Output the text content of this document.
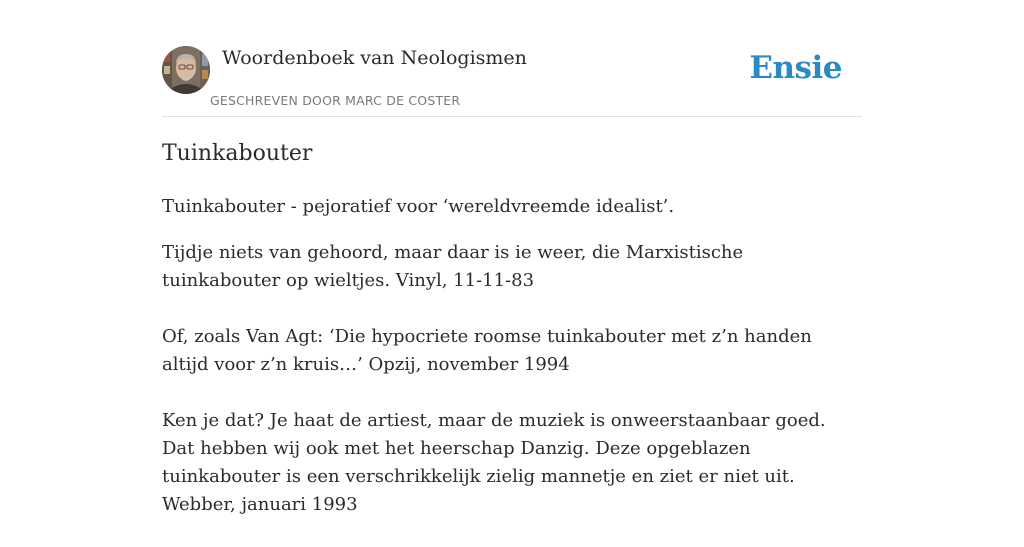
Woordenboek van Neologismen
GESCHREVEN DOOR MARC DE COSTER
Ensie
Tuinkabouter

Tuinkabouter - pejoratief voor ‘wereldvreemde idealist’.

Tijdje niets van gehoord, maar daar is ie weer, die Marxistische tuinkabouter op wieltjes. Vinyl, 11-11-83

Of, zoals Van Agt: ‘Die hypocriete roomse tuinkabouter met z’n handen altijd voor z’n kruis…’ Opzij, november 1994

Ken je dat? Je haat de artiest, maar de muziek is onweerstaanbaar goed. Dat hebben wij ook met het heerschap Danzig. Deze opgeblazen tuinkabouter is een verschrikkelijk zielig mannetje en ziet er niet uit. Webber, januari 1993
